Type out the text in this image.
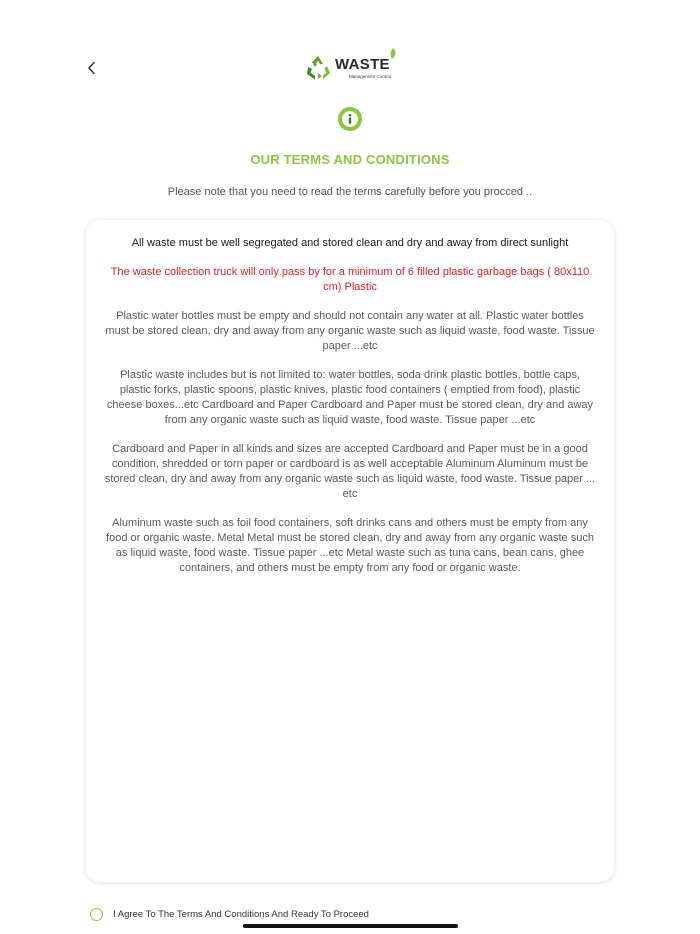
WASTE
Management Control
OUR TERMS AND CONDITIONS
Please note that you need to read the terms carefully before you procced ..

All waste must be well segregated and stored clean and dry and away from direct sunlight

The waste collection truck will only pass by for a minimum of 6 filled plastic garbage bags ( 80x110 cm) Plastic

Plastic water bottles must be empty and should not contain any water at all. Plastic water bottles must be stored clean, dry and away from any organic waste such as liquid waste, food waste. Tissue paper ...etc

Plastic waste includes but is not limited to: water bottles, soda drink plastic bottles, bottle caps, plastic forks, plastic spoons, plastic knives, plastic food containers ( emptied from food), plastic cheese boxes...etc Cardboard and Paper Cardboard and Paper must be stored clean, dry and away from any organic waste such as liquid waste, food waste. Tissue paper ...etc

Cardboard and Paper in all kinds and sizes are accepted Cardboard and Paper must be in a good condition, shredded or torn paper or cardboard is as well acceptable Aluminum Aluminum must be stored clean, dry and away from any organic waste such as liquid waste, food waste. Tissue paper ... etc

Aluminum waste such as foil food containers, soft drinks cans and others must be empty from any food or organic waste. Metal Metal must be stored clean, dry and away from any organic waste such as liquid waste, food waste. Tissue paper ...etc Metal waste such as tuna cans, bean cans, ghee containers, and others must be empty from any food or organic waste.

I Agree To The Terms And Conditions And Ready To Proceed
